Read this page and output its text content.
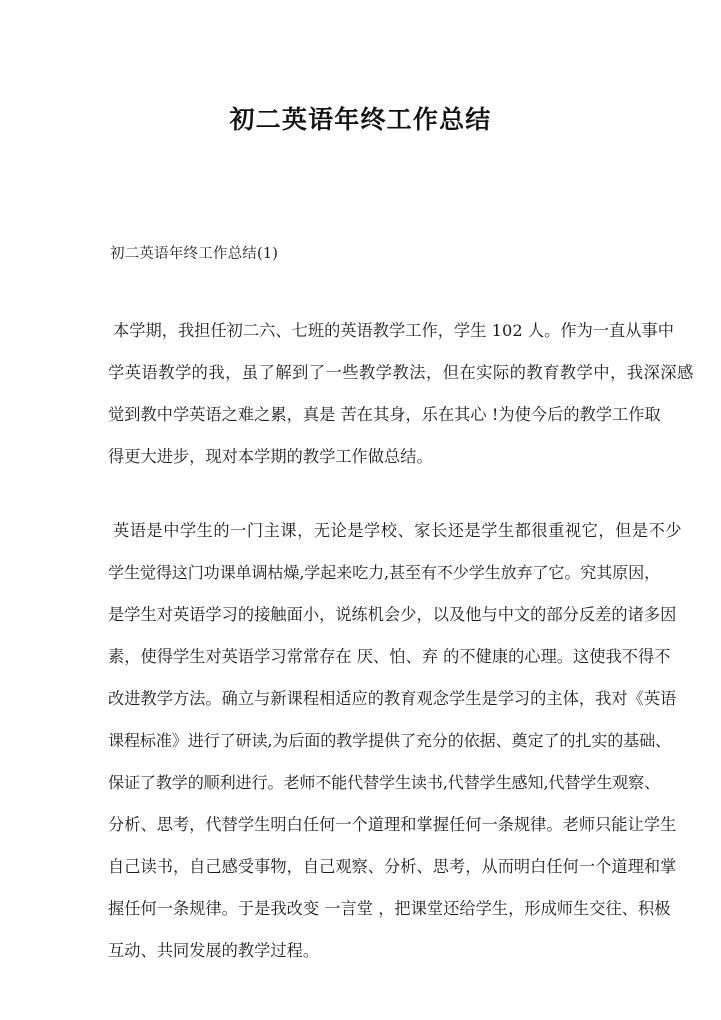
初二英语年终工作总结
初二英语年终工作总结(1)
本学期，我担任初二六、七班的英语教学工作，学生 102 人。作为一直从事中
学英语教学的我，虽了解到了一些教学教法，但在实际的教育教学中，我深深感
觉到教中学英语之难之累，真是 苦在其身，乐在其心 !为使今后的教学工作取
得更大进步，现对本学期的教学工作做总结。
英语是中学生的一门主课，无论是学校、家长还是学生都很重视它，但是不少
学生觉得这门功课单调枯燥,学起来吃力,甚至有不少学生放弃了它。究其原因，
是学生对英语学习的接触面小，说练机会少，以及他与中文的部分反差的诸多因
素，使得学生对英语学习常常存在 厌、怕、弃 的不健康的心理。这使我不得不
改进教学方法。确立与新课程相适应的教育观念学生是学习的主体，我对《英语
课程标准》进行了研读,为后面的教学提供了充分的依据、奠定了的扎实的基础、
保证了教学的顺利进行。老师不能代替学生读书,代替学生感知,代替学生观察、
分析、思考，代替学生明白任何一个道理和掌握任何一条规律。老师只能让学生
自己读书，自己感受事物，自己观察、分析、思考，从而明白任何一个道理和掌
握任何一条规律。于是我改变 一言堂 ，把课堂还给学生，形成师生交往、积极
互动、共同发展的教学过程。
